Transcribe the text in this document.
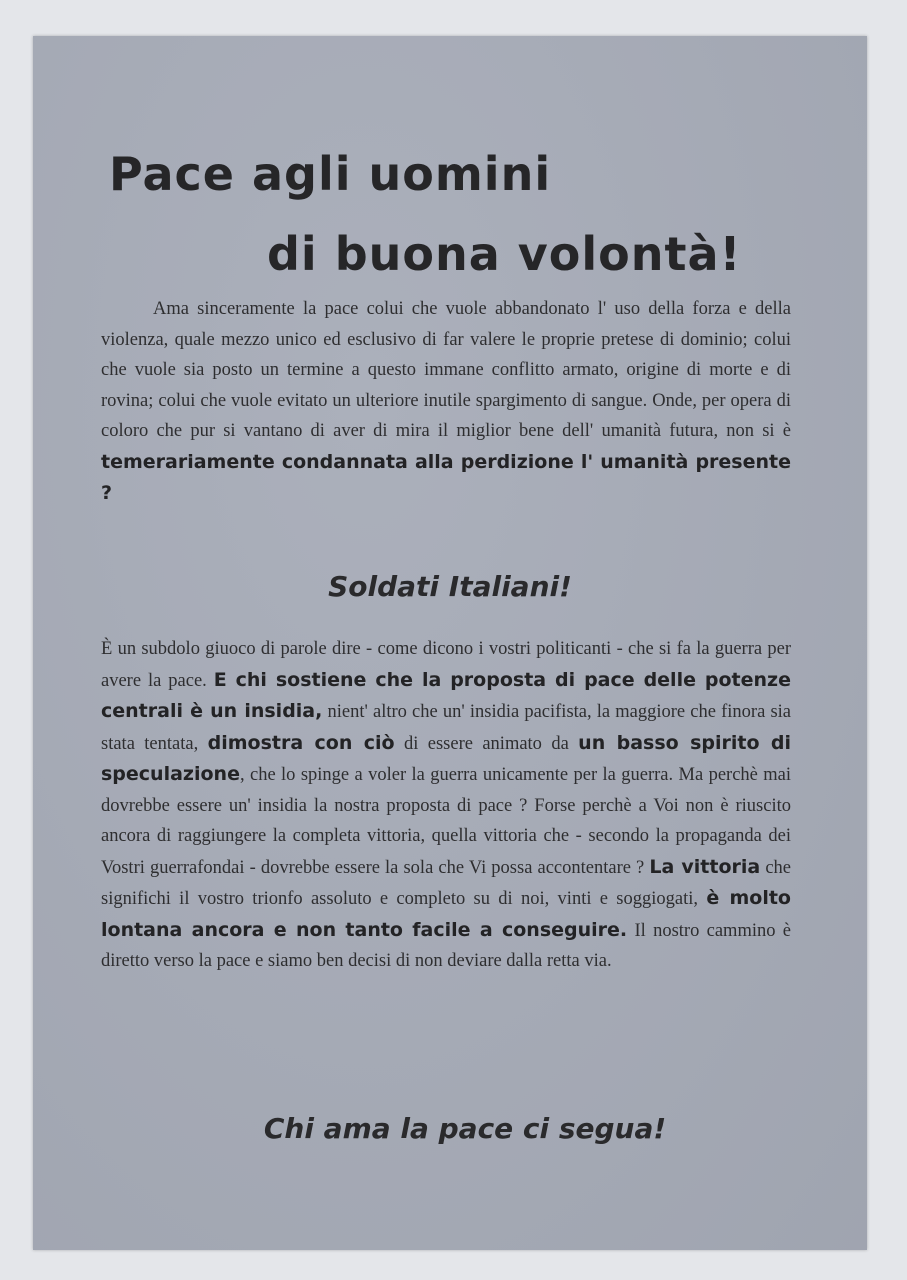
Pace agli uomini
di buona volontà!

Ama sinceramente la pace colui che vuole abbandonato l' uso della forza e della violenza, quale mezzo unico ed esclusivo di far valere le proprie pretese di dominio; colui che vuole sia posto un termine a questo immane conflitto armato, origine di morte e di rovina; colui che vuole evitato un ulteriore inutile spargimento di sangue. Onde, per opera di coloro che pur si vantano di aver di mira il miglior bene dell' umanità futura, non si è temerariamente condannata alla perdizione l' umanità presente ?

Soldati Italiani!

È un subdolo giuoco di parole dire - come dicono i vostri politicanti - che si fa la guerra per avere la pace. E chi sostiene che la proposta di pace delle potenze centrali è un insidia, nient' altro che un' insidia pacifista, la maggiore che finora sia stata tentata, dimostra con ciò di essere animato da un basso spirito di speculazione, che lo spinge a voler la guerra unicamente per la guerra. Ma perchè mai dovrebbe essere un' insidia la nostra proposta di pace ? Forse perchè a Voi non è riuscito ancora di raggiungere la completa vittoria, quella vittoria che - secondo la propaganda dei Vostri guerrafondai - dovrebbe essere la sola che Vi possa accontentare ? La vittoria che significhi il vostro trionfo assoluto e completo su di noi, vinti e soggiogati, è molto lontana ancora e non tanto facile a conseguire. Il nostro cammino è diretto verso la pace e siamo ben decisi di non deviare dalla retta via.

Chi ama la pace ci segua!
